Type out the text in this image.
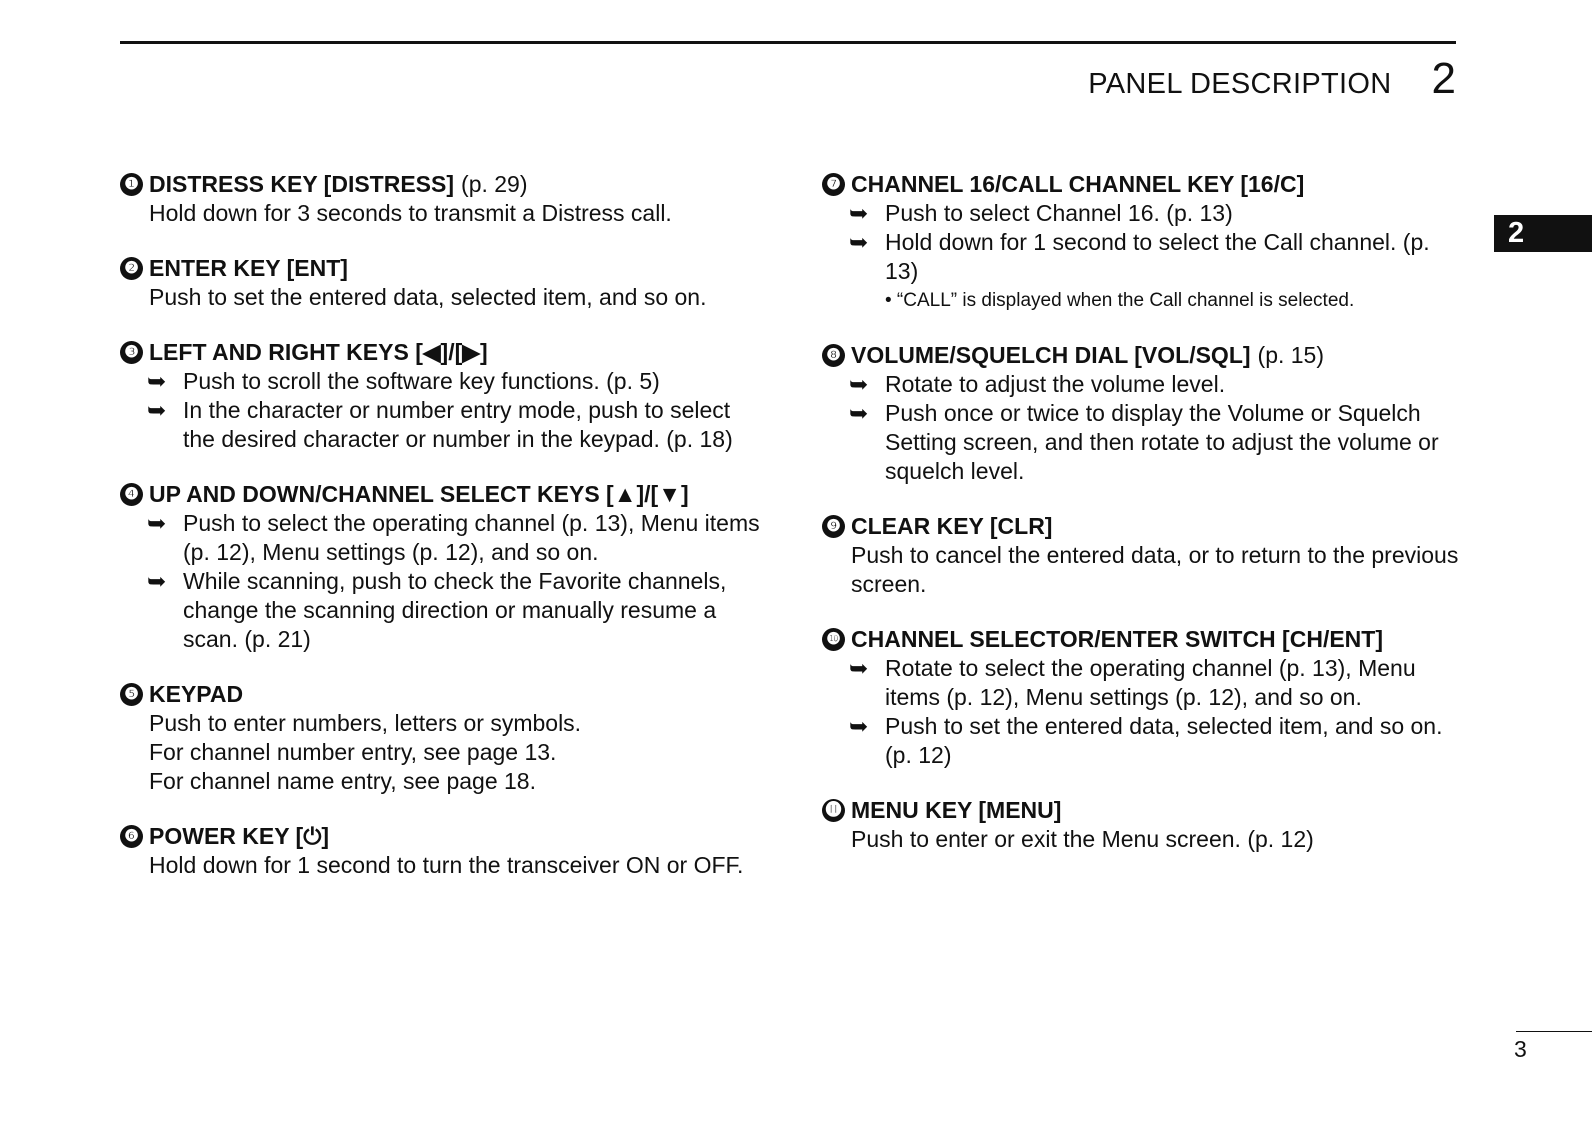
PANEL DESCRIPTION 2
2
❶ DISTRESS KEY [DISTRESS] (p. 29)
Hold down for 3 seconds to transmit a Distress call.
❷ ENTER KEY [ENT]
Push to set the entered data, selected item, and so on.
❸ LEFT AND RIGHT KEYS [◀]/[▶]
➥ Push to scroll the software key functions. (p. 5)
➥ In the character or number entry mode, push to select the desired character or number in the keypad. (p. 18)
❹ UP AND DOWN/CHANNEL SELECT KEYS [▲]/[▼]
➥ Push to select the operating channel (p. 13), Menu items (p. 12), Menu settings (p. 12), and so on.
➥ While scanning, push to check the Favorite channels, change the scanning direction or manually resume a scan. (p. 21)
❺ KEYPAD
Push to enter numbers, letters or symbols.
For channel number entry, see page 13.
For channel name entry, see page 18.
❻ POWER KEY [⏻]
Hold down for 1 second to turn the transceiver ON or OFF.
❼ CHANNEL 16/CALL CHANNEL KEY [16/C]
➥ Push to select Channel 16. (p. 13)
➥ Hold down for 1 second to select the Call channel. (p. 13)
• “CALL” is displayed when the Call channel is selected.
❽ VOLUME/SQUELCH DIAL [VOL/SQL] (p. 15)
➥ Rotate to adjust the volume level.
➥ Push once or twice to display the Volume or Squelch Setting screen, and then rotate to adjust the volume or squelch level.
❾ CLEAR KEY [CLR]
Push to cancel the entered data, or to return to the previous screen.
❿ CHANNEL SELECTOR/ENTER SWITCH [CH/ENT]
➥ Rotate to select the operating channel (p. 13), Menu items (p. 12), Menu settings (p. 12), and so on.
➥ Push to set the entered data, selected item, and so on. (p. 12)
⓫ MENU KEY [MENU]
Push to enter or exit the Menu screen. (p. 12)
3
